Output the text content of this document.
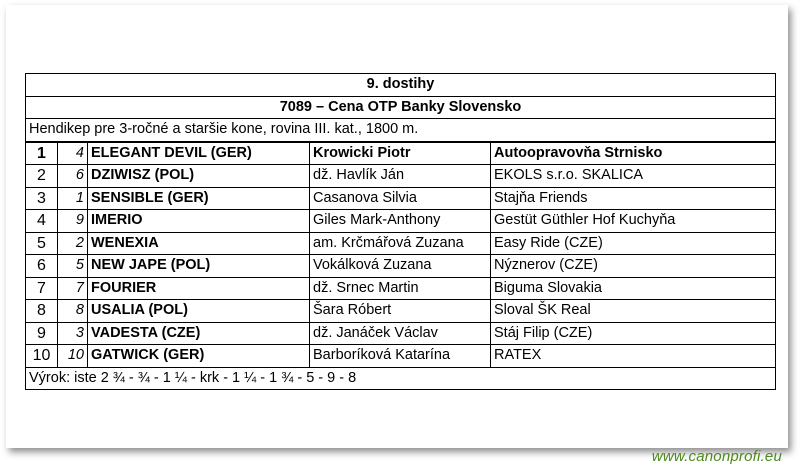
9. dostihy				
7089 – Cena OTP Banky Slovensko				
Hendikep pre 3-ročné a staršie kone, rovina III. kat., 1800 m.				
1	4	ELEGANT DEVIL (GER)	Krowicki Piotr	Autoopravovňa Strnisko
2	6	DZIWISZ (POL)	dž. Havlík Ján	EKOLS s.r.o. SKALICA
3	1	SENSIBLE (GER)	Casanova Silvia	Stajňa Friends
4	9	IMERIO	Giles Mark-Anthony	Gestüt Güthler Hof Kuchyňa
5	2	WENEXIA	am. Krčmářová Zuzana	Easy Ride (CZE)
6	5	NEW JAPE (POL)	Vokálková Zuzana	Nýznerov (CZE)
7	7	FOURIER	dž. Srnec Martin	Biguma Slovakia
8	8	USALIA (POL)	Šara Róbert	Sloval ŠK Real
9	3	VADESTA (CZE)	dž. Janáček Václav	Stáj Filip (CZE)
10	10	GATWICK (GER)	Barboríková Katarína	RATEX
Výrok: iste 2 ¾ - ¾ - 1 ¼ - krk - 1 ¼ - 1 ¾ - 5 - 9 - 8				
www.canonprofi.eu
